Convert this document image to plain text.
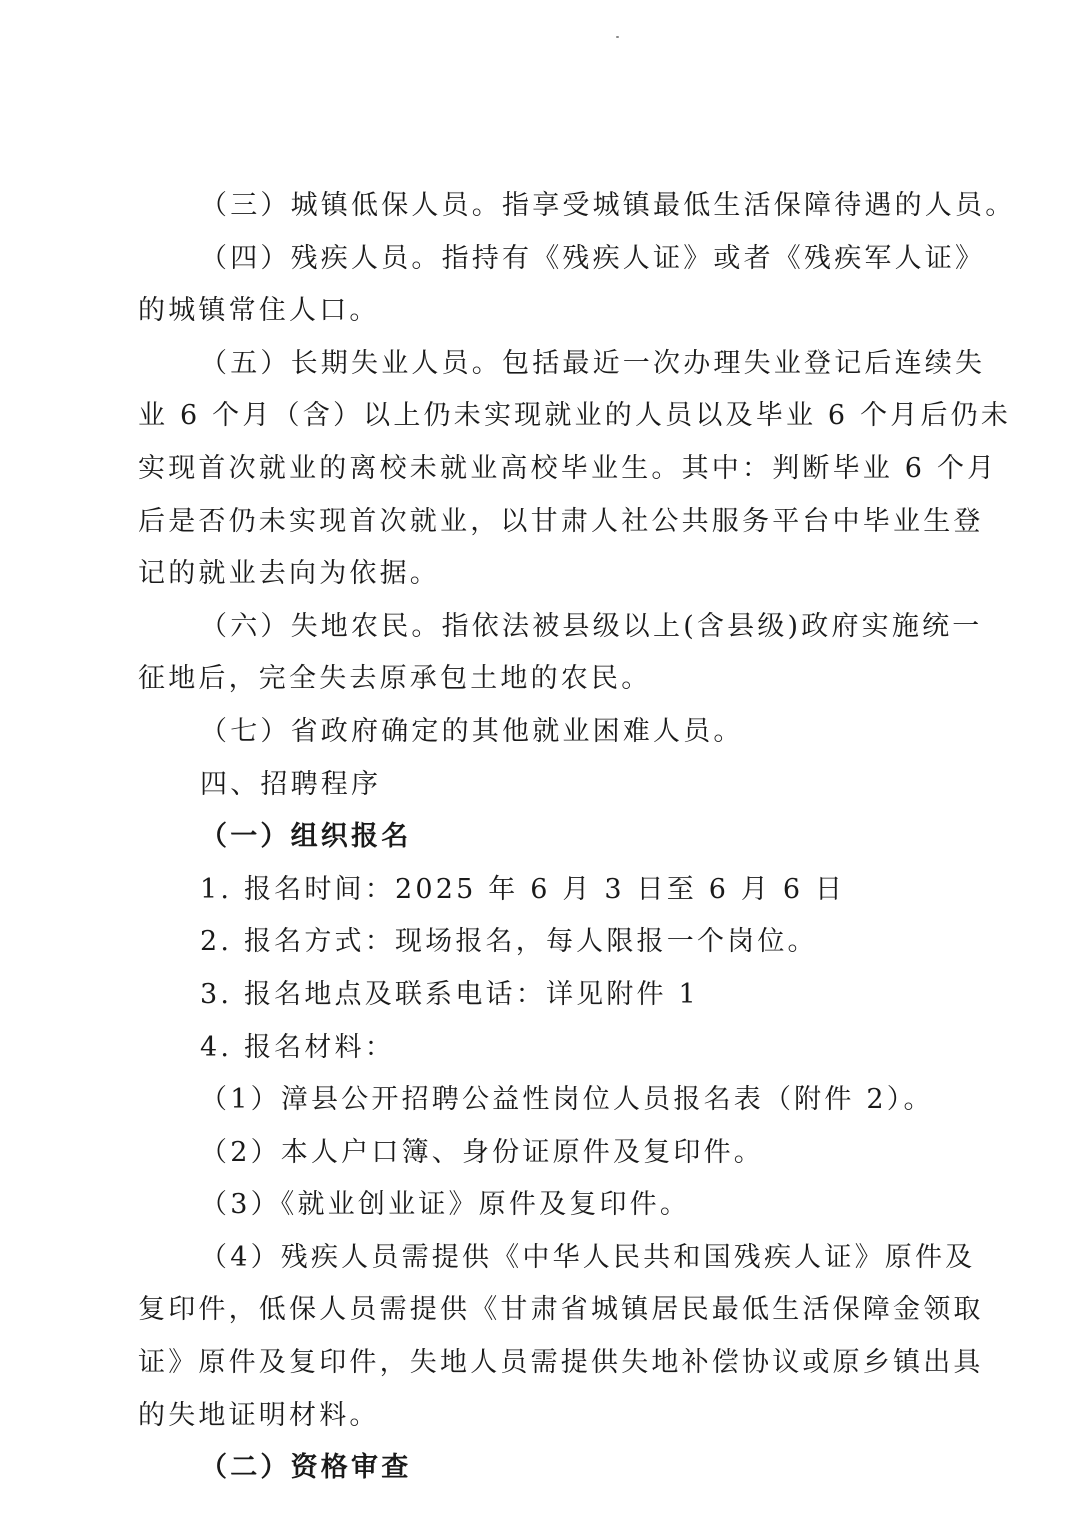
（三）城镇低保人员。指享受城镇最低生活保障待遇的人员。
（四）残疾人员。指持有《残疾人证》或者《残疾军人证》
的城镇常住人口。
（五）长期失业人员。包括最近一次办理失业登记后连续失
业 6 个月（含）以上仍未实现就业的人员以及毕业 6 个月后仍未
实现首次就业的离校未就业高校毕业生。其中：判断毕业 6 个月
后是否仍未实现首次就业，以甘肃人社公共服务平台中毕业生登
记的就业去向为依据。
（六）失地农民。指依法被县级以上(含县级)政府实施统一
征地后，完全失去原承包土地的农民。
（七）省政府确定的其他就业困难人员。
四、招聘程序
（一）组织报名
1. 报名时间：2025 年 6 月 3 日至 6 月 6 日
2. 报名方式：现场报名，每人限报一个岗位。
3. 报名地点及联系电话：详见附件 1
4. 报名材料：
（1）漳县公开招聘公益性岗位人员报名表（附件 2）。
（2）本人户口簿、身份证原件及复印件。
（3）《就业创业证》原件及复印件。
（4）残疾人员需提供《中华人民共和国残疾人证》原件及
复印件，低保人员需提供《甘肃省城镇居民最低生活保障金领取
证》原件及复印件，失地人员需提供失地补偿协议或原乡镇出具
的失地证明材料。
（二）资格审查
